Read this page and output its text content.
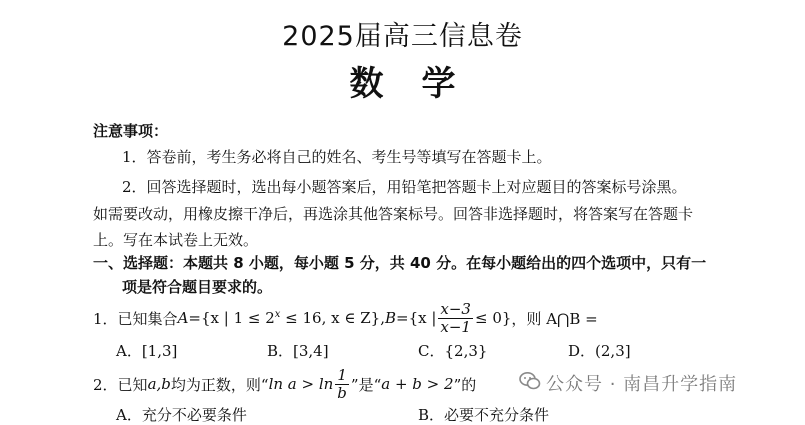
2025届高三信息卷
数学
注意事项：
1．答卷前，考生务必将自己的姓名、考生号等填写在答题卡上。
2．回答选择题时，选出每小题答案后，用铅笔把答题卡上对应题目的答案标号涂黑。
如需要改动，用橡皮擦干净后，再选涂其他答案标号。回答非选择题时，将答案写在答题卡
上。写在本试卷上无效。
一、选择题：本题共 8 小题，每小题 5 分，共 40 分。在每小题给出的四个选项中，只有一
项是符合题目要求的。
1． 已知集合 A ={x | $1 \le 2^x \le 16$, x ∈ Z}, B ={x | $\frac{x-3}{x-1} \le 0$} ，则 A⋂B =
A．[1,3]	B．[3,4]	C．{2,3}	D．(2,3]
2． 已知 a,b 均为正数，则“ $\ln a > \ln \frac{1}{b}$ ”是“ a + b > 2 ”的
A．充分不必要条件	B．必要不充分条件
公众号 · 南昌升学指南
